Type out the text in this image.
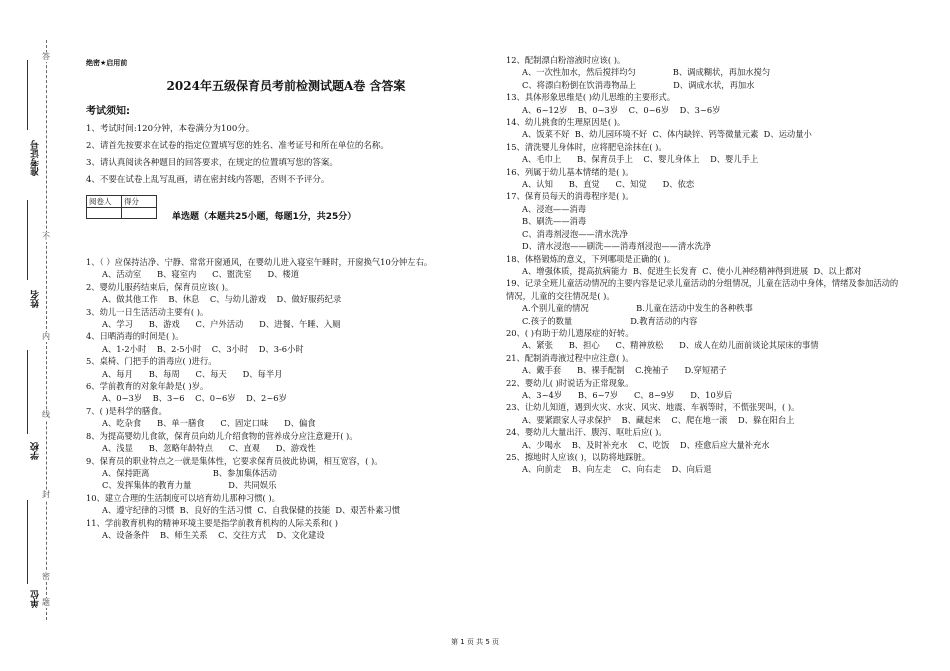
答
不
内
线
封
密
题
准考证号
姓名
学校
单位
绝密★启用前
2024年五级保育员考前检测试题A卷 含答案
考试须知:
1、考试时间:120分钟，本卷满分为100分。
2、请首先按要求在试卷的指定位置填写您的姓名、准考证号和所在单位的名称。
3、请认真阅读各种题目的回答要求，在规定的位置填写您的答案。
4、不要在试卷上乱写乱画，请在密封线内答题，否则不予评分。
阅卷人	得分

单选题（本题共25小题，每题1分，共25分）
1、（ ）应保持洁净、宁静、常常开窗通风，在婴幼儿进入寝室午睡时，开窗换气10分钟左右。
A、活动室      B、寝室内      C、盥洗室      D、楼道
2、婴幼儿服药结束后，保育员应该( )。
A、做其他工作    B、休息    C、与幼儿游戏    D、做好服药纪录
3、幼儿一日生活活动主要有( )。
A、学习      B、游戏      C、户外活动      D、进餐、午睡、入厕
4、日晒消毒的时间是( )。
A、1-2小时    B、2-5小时    C、3小时    D、3-6小时
5、桌椅、门把手的消毒应( )进行。
A、每月      B、每周      C、每天      D、每半月
6、学前教育的对象年龄是( )岁。
A、0~3岁    B、3~6    C、0~6岁    D、2~6岁
7、( )是科学的膳食。
A、吃杂食      B、单一膳食      C、固定口味      D、偏食
8、为提高婴幼儿食欲，保育员向幼儿介绍食物的营养成分应注意避开( )。
A、浅显      B、忽略年龄特点      C、直观      D、游戏性
9、保育员的职业特点之一就是集体性，它要求保育员彼此协调，相互宽容，( )。
A、保持距离                        B、参加集体活动
C、发挥集体的教育力量              D、共同娱乐
10、建立合理的生活制度可以培育幼儿那种习惯( )。
A、遵守纪律的习惯  B、良好的生活习惯  C、自我保健的技能  D、艰苦朴素习惯
11、学前教育机构的精神环境主要是指学前教育机构的人际关系和( )
A、设备条件    B、师生关系    C、交往方式    D、文化建设
12、配制漂白粉溶液时应该( )。
A、一次性加水，然后搅拌均匀              B、调成糊状，再加水搅匀
C、将漂白粉倒在饮消毒物品上              D、调成水状，再加水
13、具体形象思维是( )幼儿思维的主要形式。
A、6~12岁    B、0~3岁    C、0~6岁    D、3~6岁
14、幼儿挑食的生理原因是( )。
A、饭菜不好  B、幼儿园环境不好  C、体内缺锌、钙等微量元素  D、运动量小
15、清洗婴儿身体时，应将肥皂涂抹在( )。
A、毛巾上      B、保育员手上    C、婴儿身体上    D、婴儿手上
16、列属于幼儿基本情绪的是( )。
A、认知      B、直觉      C、知觉      D、依恋
17、保育员每天的消毒程序是( )。
A、浸泡——消毒
B、刷洗——消毒
C、消毒剂浸泡——清水洗净
D、清水浸泡——刷洗——消毒剂浸泡——清水洗净
18、体格锻炼的意义，下列哪项是正确的( )。
A、增强体质，提高抗病能力  B、促进生长发育  C、使小儿神经精神得到进展  D、以上都对
19、记录全班儿童活动情况的主要内容是记录儿童活动的分组情况，儿童在活动中身体，情绪及参加活动的情况，儿童的交往情况是( )。
A.个别儿童的情况                  B.儿童在活动中发生的各种秩事
C.孩子的数量                      D.教育活动的内容
20、( )有助于幼儿遗尿症的好转。
A、紧张      B、担心      C、精神放松      D、成人在幼儿面前谈论其尿床的事情
21、配制消毒液过程中应注意( )。
A、戴手套      B、裸手配制    C.挽袖子      D.穿短裙子
22、婴幼儿( )时说话为正常现象。
A、3~4岁      B、6~7岁      C、8~9岁      D、10岁后
23、让幼儿知道，遇到火灾、水灾、风灾、地震、车祸等时，不慌张哭叫，( )。
A、要紧跟家人寻求保护    B、藏起来    C、爬在地一滚    D、躲在阳台上
24、婴幼儿大量出汗、腹泻、呕吐后应( )。
A、少喝水    B、及时补充水    C、吃饭    D、痊愈后应大量补充水
25、擦地时人应该( )，以防将地踩脏。
A、向前走    B、向左走    C、向右走    D、向后退
第 1 页 共 5 页
